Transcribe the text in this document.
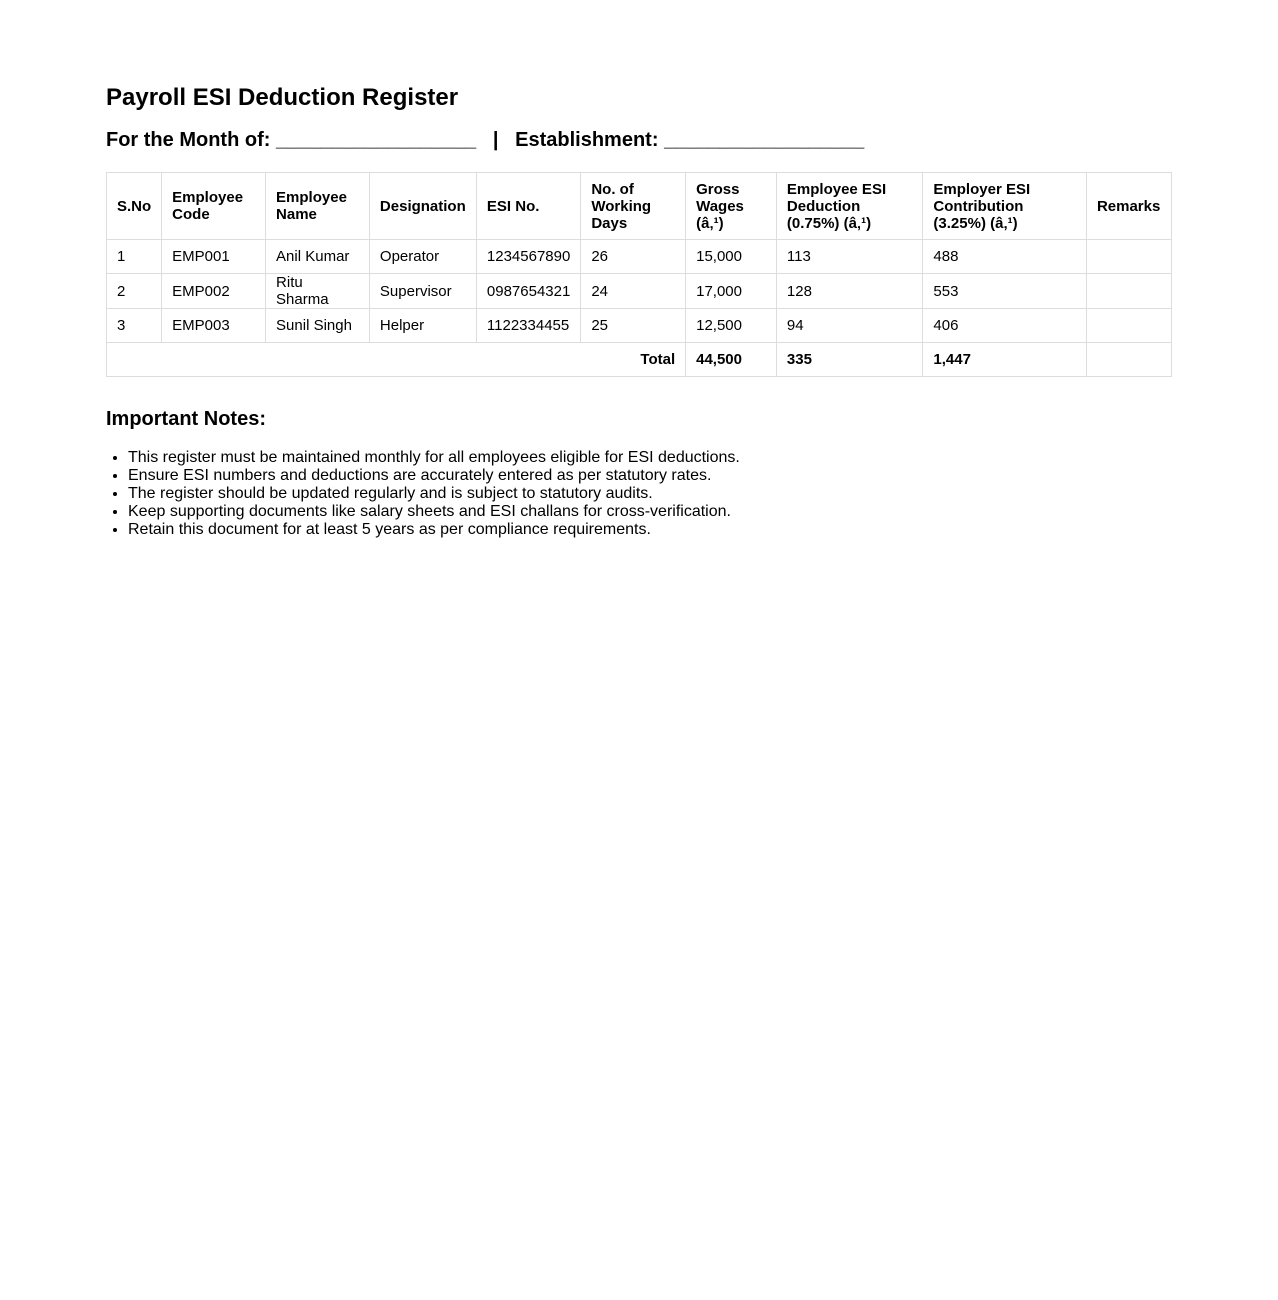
Payroll ESI Deduction Register
For the Month of: __________________ | Establishment: __________________
S.No	Employee Code	Employee Name	Designation	ESI No.	No. of Working Days	Gross Wages (â‚¹)	Employee ESI Deduction (0.75%) (â‚¹)	Employer ESI Contribution (3.25%) (â‚¹)	Remarks
1	EMP001	Anil Kumar	Operator	1234567890	26	15,000	113	488	
2	EMP002	Ritu Sharma	Supervisor	0987654321	24	17,000	128	553	
3	EMP003	Sunil Singh	Helper	1122334455	25	12,500	94	406	
Total						44,500	335	1,447	
Important Notes:
• This register must be maintained monthly for all employees eligible for ESI deductions.
• Ensure ESI numbers and deductions are accurately entered as per statutory rates.
• The register should be updated regularly and is subject to statutory audits.
• Keep supporting documents like salary sheets and ESI challans for cross-verification.
• Retain this document for at least 5 years as per compliance requirements.
